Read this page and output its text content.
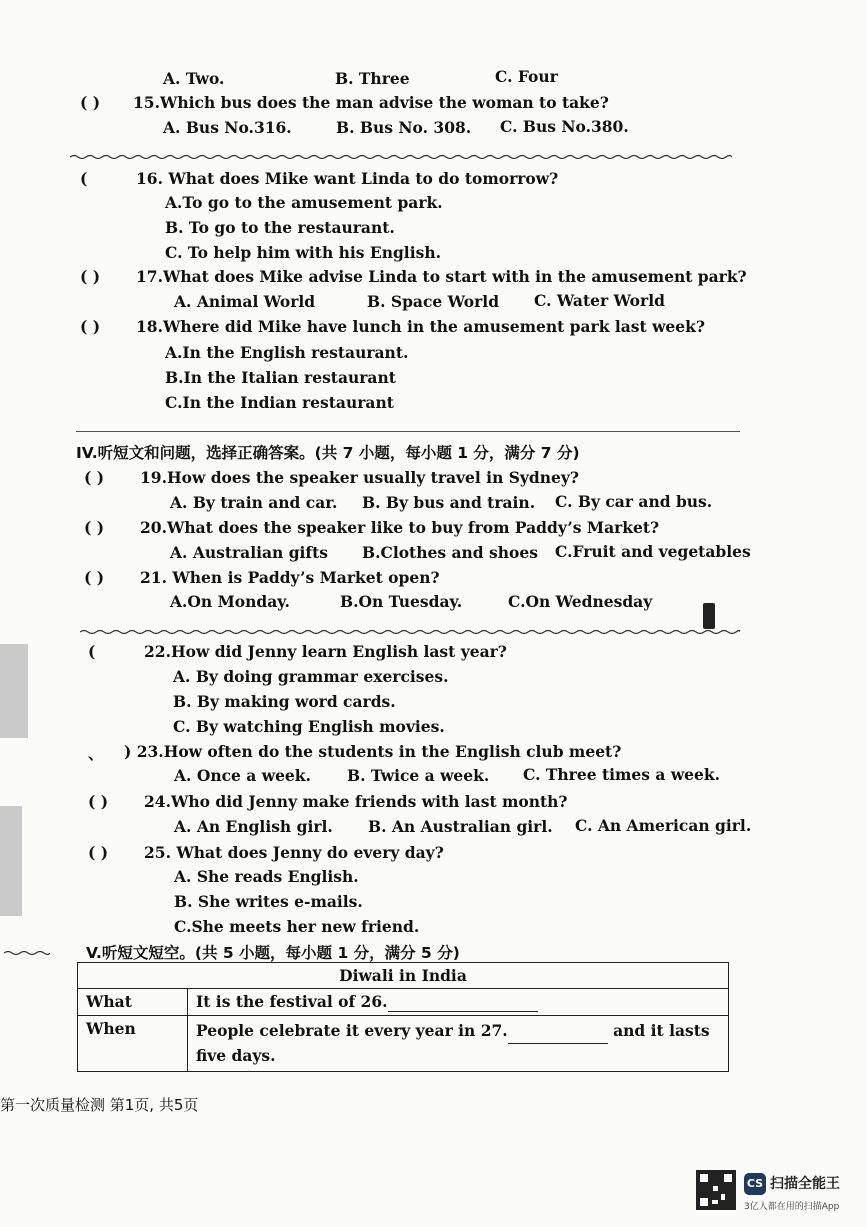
A. Two.	B. Three	C. Four
( ) 15.Which bus does the man advise the woman to take?
A. Bus No.316.	B. Bus No. 308. C. Bus No.380.
(	16. What does Mike want Linda to do tomorrow?
A.To go to the amusement park.
B. To go to the restaurant.
C. To help him with his English.
( ) 17.What does Mike advise Linda to start with in the amusement park?
A. Animal World	B. Space World C. Water World
( ) 18.Where did Mike have lunch in the amusement park last week?
A.In the English restaurant.
B.In the Italian restaurant
C.In the Indian restaurant
IV.听短文和问题，选择正确答案。(共 7 小题，每小题 1 分，满分 7 分)
( ) 19.How does the speaker usually travel in Sydney?
A. By train and car. B. By bus and train. C. By car and bus.
( ) 20.What does the speaker like to buy from Paddy’s Market?
A. Australian gifts B.Clothes and shoes C.Fruit and vegetables
( ) 21. When is Paddy’s Market open?
A.On Monday.	B.On Tuesday.	C.On Wednesday
(	22.How did Jenny learn English last year?
A. By doing grammar exercises.
B. By making word cards.
C. By watching English movies.
、 ) 23.How often do the students in the English club meet?
A. Once a week. B. Twice a week. C. Three times a week.
( ) 24.Who did Jenny make friends with last month?
A. An English girl. B. An Australian girl. C. An American girl.
( ) 25. What does Jenny do every day?
A. She reads English.
B. She writes e-mails.
C.She meets her new friend.
V.听短文短空。(共 5 小题，每小题 1 分，满分 5 分)
Diwali in India	
What	It is the festival of 26.
When	People celebrate it every year in 27. and it lasts five days.
第一次质量检测 第1页, 共5页
CS 扫描全能王
3亿人都在用的扫描App
